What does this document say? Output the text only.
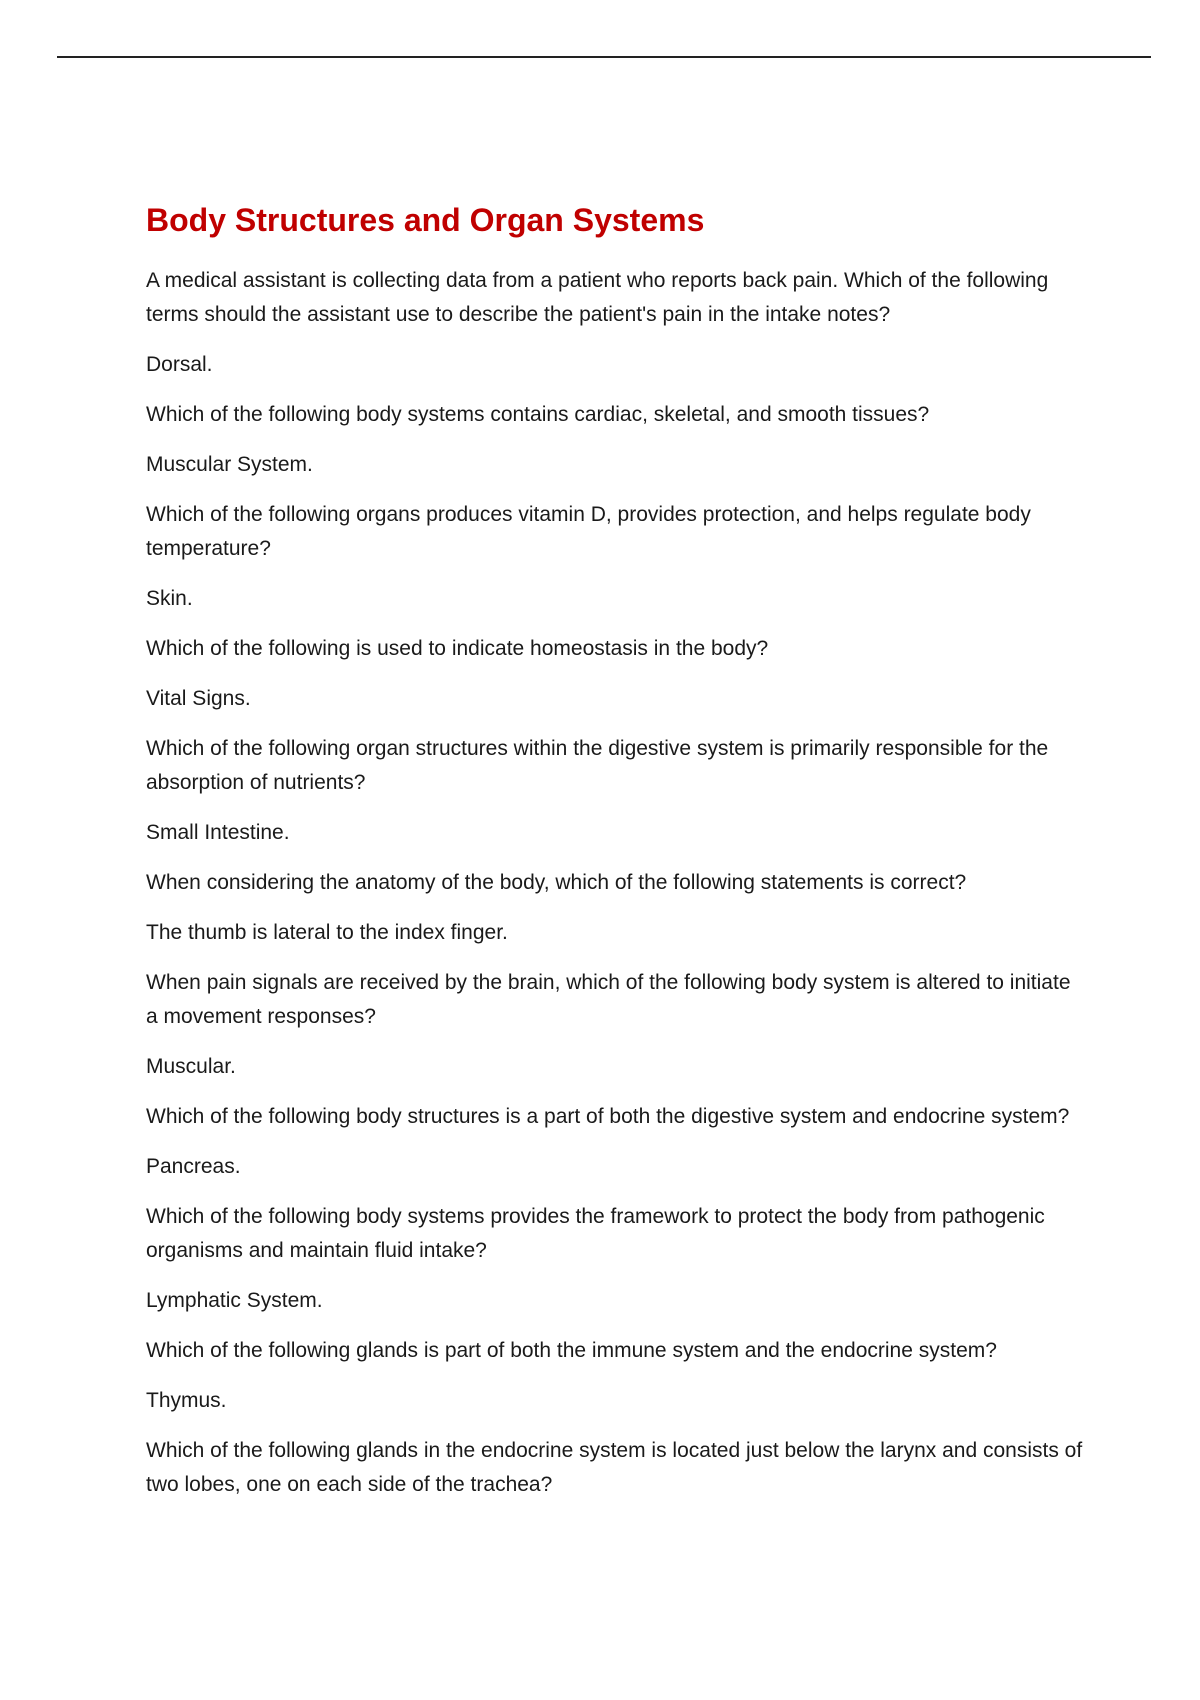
Body Structures and Organ Systems

A medical assistant is collecting data from a patient who reports back pain. Which of the following terms should the assistant use to describe the patient's pain in the intake notes?

Dorsal.

Which of the following body systems contains cardiac, skeletal, and smooth tissues?

Muscular System.

Which of the following organs produces vitamin D, provides protection, and helps regulate body temperature?

Skin.

Which of the following is used to indicate homeostasis in the body?

Vital Signs.

Which of the following organ structures within the digestive system is primarily responsible for the absorption of nutrients?

Small Intestine.

When considering the anatomy of the body, which of the following statements is correct?

The thumb is lateral to the index finger.

When pain signals are received by the brain, which of the following body system is altered to initiate a movement responses?

Muscular.

Which of the following body structures is a part of both the digestive system and endocrine system?

Pancreas.

Which of the following body systems provides the framework to protect the body from pathogenic organisms and maintain fluid intake?

Lymphatic System.

Which of the following glands is part of both the immune system and the endocrine system?

Thymus.

Which of the following glands in the endocrine system is located just below the larynx and consists of two lobes, one on each side of the trachea?
